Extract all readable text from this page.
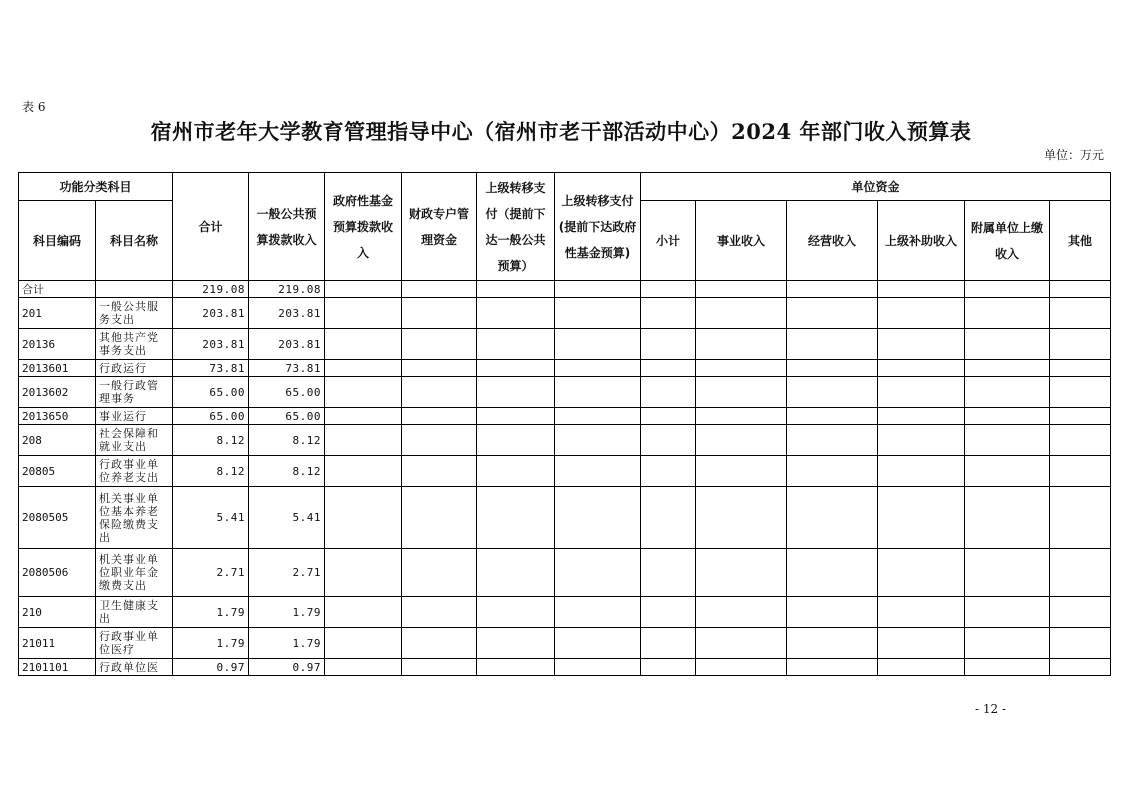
表 6
宿州市老年大学教育管理指导中心（宿州市老干部活动中心）2024 年部门收入预算表
单位：万元
功能分类科目		合计	一般公共预算拨款收入	政府性基金预算拨款收入	财政专户管理资金	上级转移支付（提前下达一般公共预算）	上级转移支付(提前下达政府性基金预算)	单位资金					
科目编码	科目名称							小计	事业收入	经营收入	上级补助收入	附属单位上缴收入	其他
合计		219.08	219.08										
201	一般公共服务支出	203.81	203.81										
20136	其他共产党事务支出	203.81	203.81										
2013601	行政运行	73.81	73.81										
2013602	一般行政管理事务	65.00	65.00										
2013650	事业运行	65.00	65.00										
208	社会保障和就业支出	8.12	8.12										
20805	行政事业单位养老支出	8.12	8.12										
2080505	机关事业单位基本养老保险缴费支出	5.41	5.41										
2080506	机关事业单位职业年金缴费支出	2.71	2.71										
210	卫生健康支出	1.79	1.79										
21011	行政事业单位医疗	1.79	1.79										
2101101	行政单位医	0.97	0.97										
- 12 -
